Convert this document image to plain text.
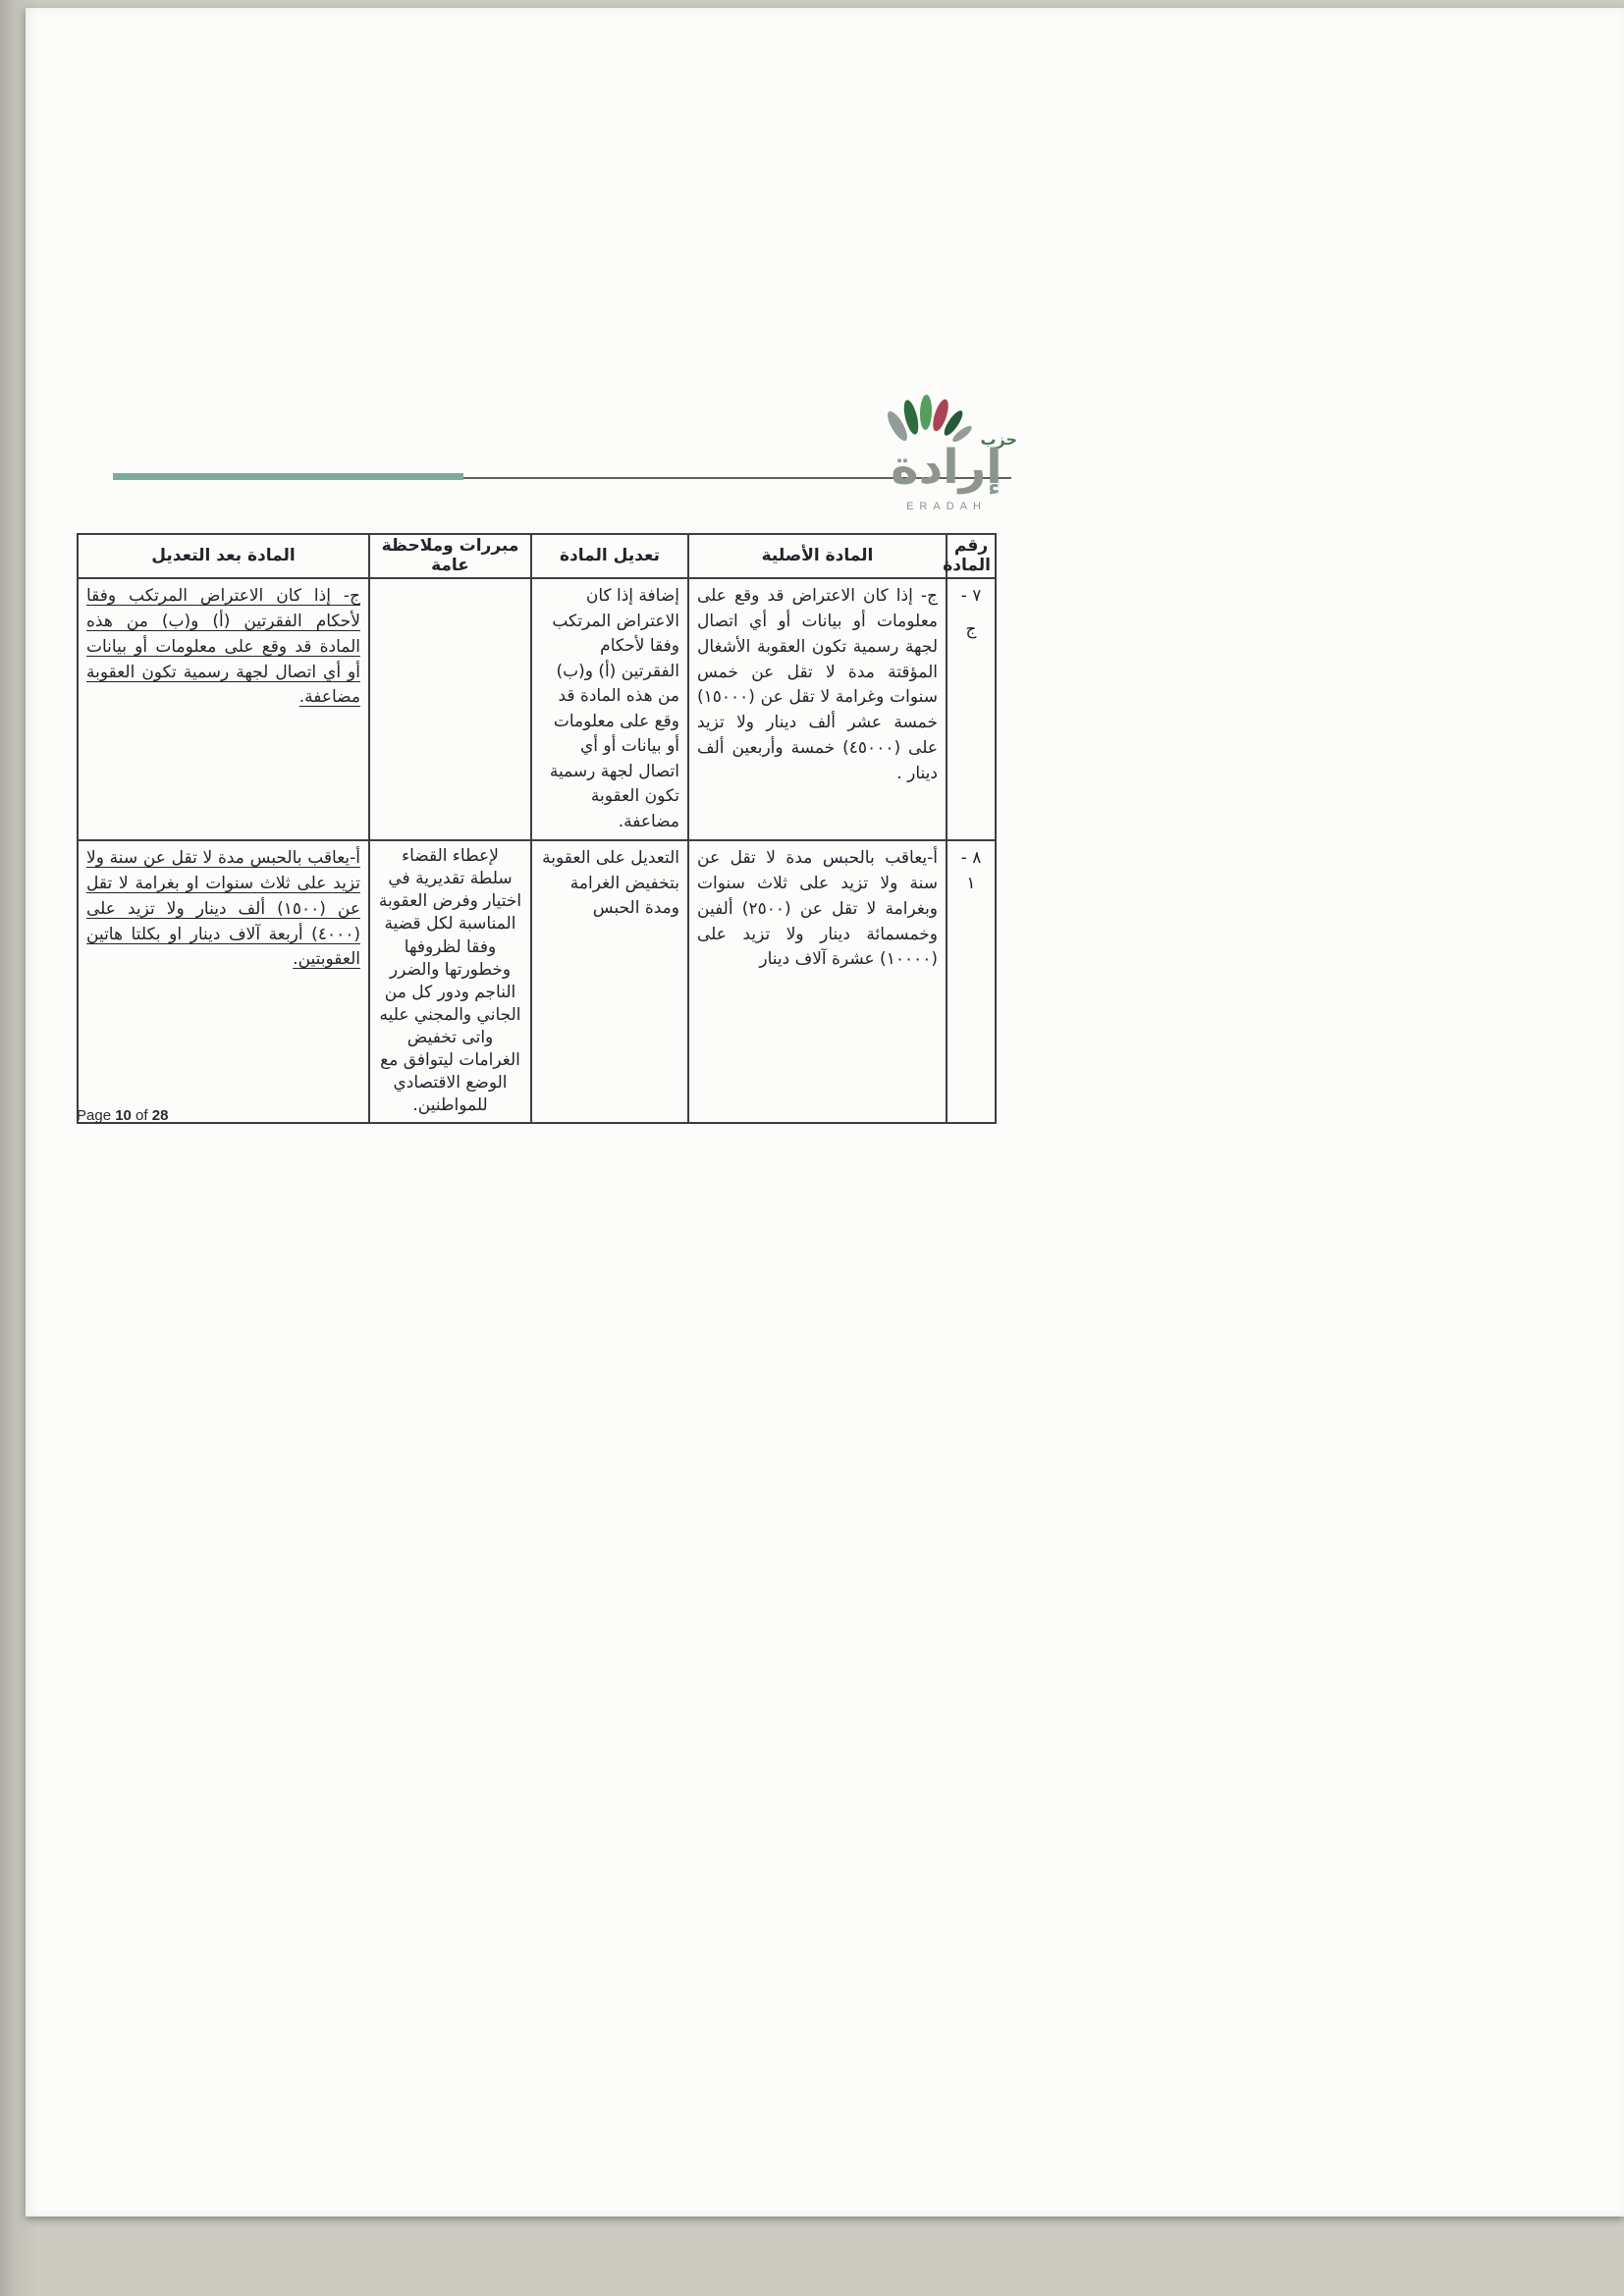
حزب
إرادة
ERADAH
رقم
المادة	المادة الأصلية	تعديل المادة	مبررات وملاحظة عامة	المادة بعد التعديل

٧ -
ج	ج- إذا كان الاعتراض قد وقع على معلومات أو بيانات أو أي اتصال لجهة رسمية تكون العقوبة الأشغال المؤقتة مدة لا تقل عن خمس سنوات وغرامة لا تقل عن (١٥٠٠٠) خمسة عشر ألف دينار ولا تزيد على (٤٥٠٠٠) خمسة وأربعين ألف دينار .	إضافة إذا كان الاعتراض المرتكب وفقا لأحكام الفقرتين (أ) و(ب) من هذه المادة قد وقع على معلومات أو بيانات أو أي اتصال لجهة رسمية تكون العقوبة مضاعفة.		ج- إذا كان الاعتراض المرتكب وفقا لأحكام الفقرتين (أ) و(ب) من هذه المادة قد وقع على معلومات أو بيانات أو أي اتصال لجهة رسمية تكون العقوبة مضاعفة.

٨ - ١	أ-يعاقب بالحبس مدة لا تقل عن سنة ولا تزيد على ثلاث سنوات وبغرامة لا تقل عن (٢٥٠٠) ألفين وخمسمائة دينار ولا تزيد على (١٠٠٠٠) عشرة آلاف دينار	التعديل على العقوبة بتخفيض الغرامة ومدة الحبس	لإعطاء القضاء سلطة تقديرية في اختيار وفرض العقوبة المناسبة لكل قضية وفقا لظروفها وخطورتها والضرر الناجم ودور كل من الجاني والمجني عليه واتى تخفيض الغرامات ليتوافق مع الوضع الاقتصادي للمواطنين.	أ-يعاقب بالحبس مدة لا تقل عن سنة ولا تزيد على ثلاث سنوات او بغرامة لا تقل عن (١٥٠٠) ألف دينار ولا تزيد على (٤٠٠٠) أربعة آلاف دينار او بكلتا هاتين العقوبتين.
Page 10 of 28
